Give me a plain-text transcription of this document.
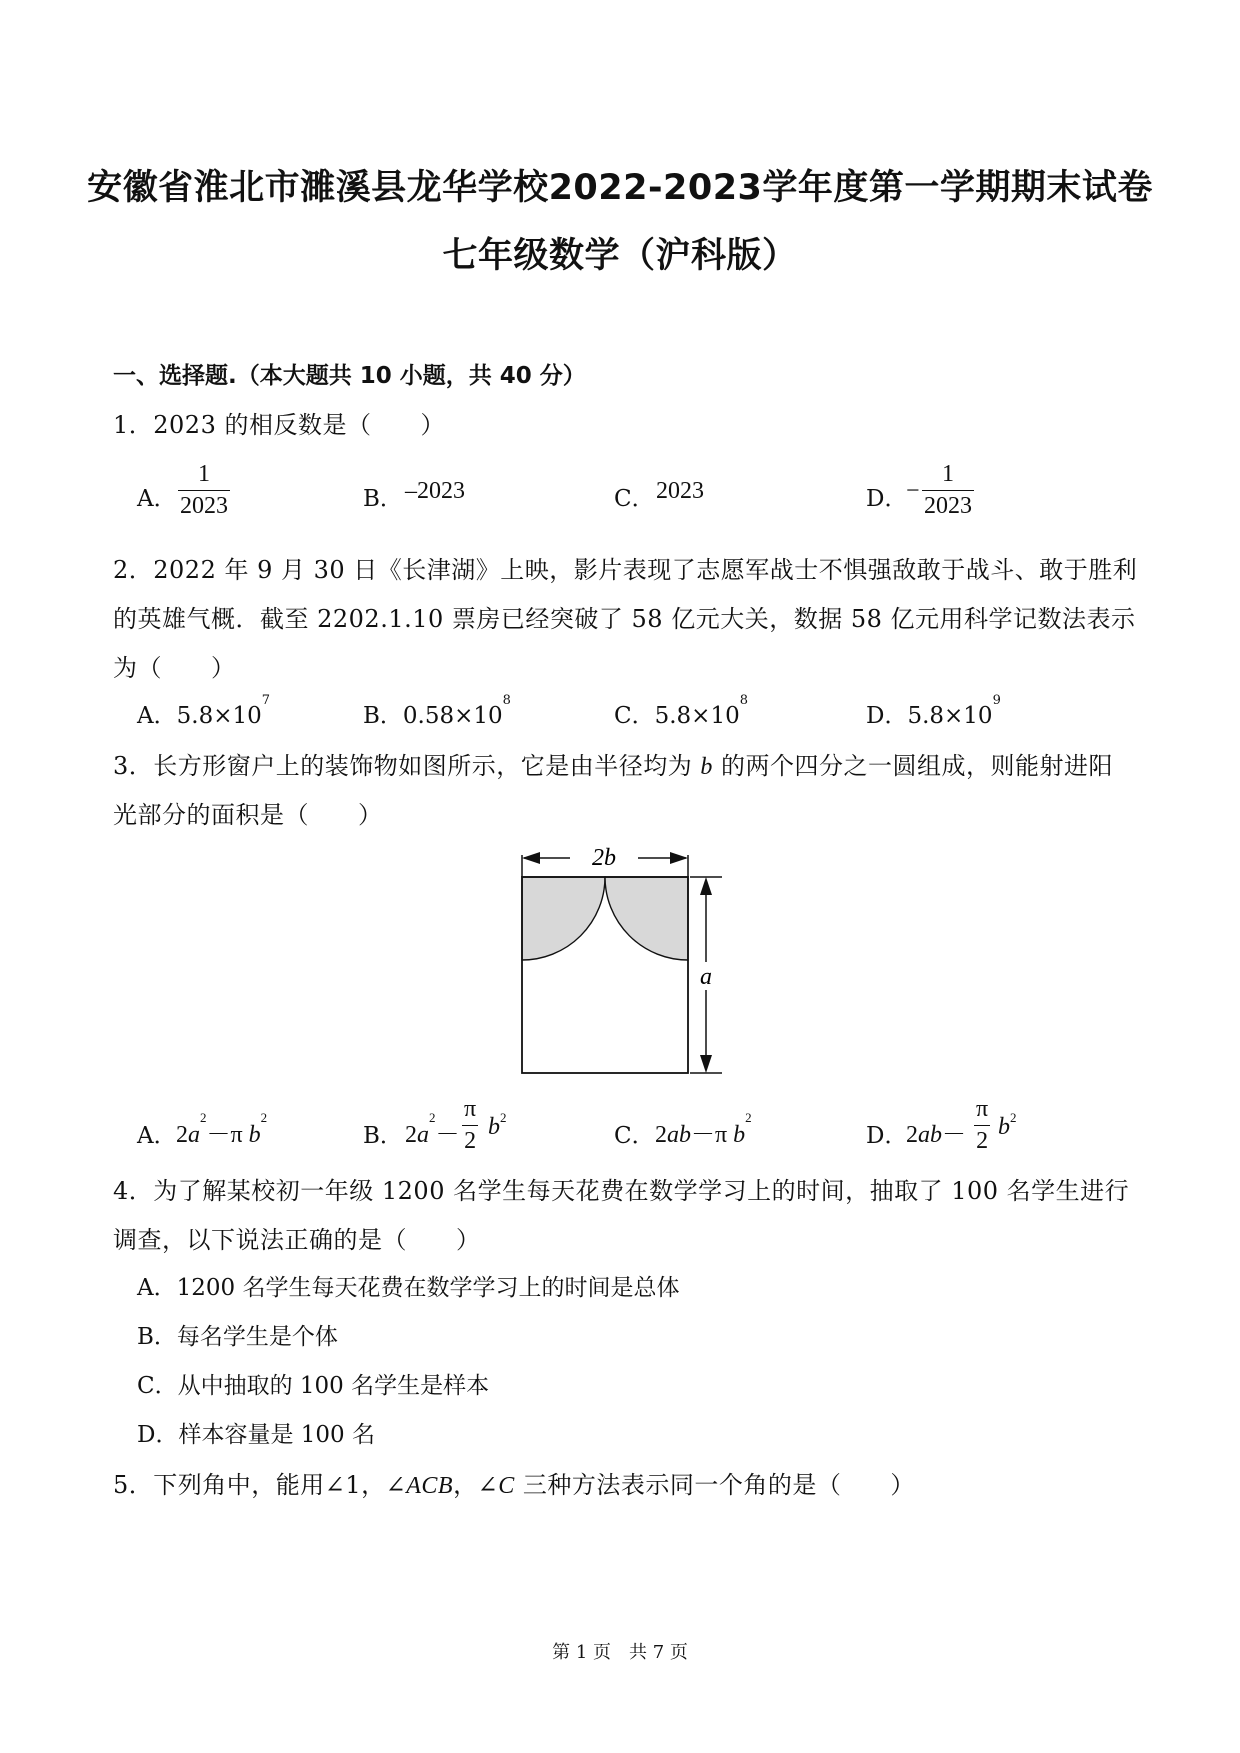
安徽省淮北市濉溪县龙华学校2022-2023学年度第一学期期末试卷
七年级数学（沪科版）
一、选择题.（本大题共 10 小题，共 40 分）
1．2023 的相反数是（　　）
A．
1
2023	B． –2023	C． 2023	D．
−
1
2023
2．2022 年 9 月 30 日《长津湖》上映，影片表现了志愿军战士不惧强敌敢于战斗、敢于胜利
的英雄气概．截至 2202.1.10 票房已经突破了 58 亿元大关，数据 58 亿元用科学记数法表示
为（　　）
A．$5.8\times 10^7$
B．$0.58\times 10^8$
C．$5.8\times 10^8$
D．$5.8\times 10^9$
3．长方形窗户上的装饰物如图所示，它是由半径均为 b 的两个四分之一圆组成，则能射进阳
光部分的面积是（　　）
2b
a
A． $2a^2-\pi$ $b^2$
B． $2a^2-$
π
2
$b^2$
C． 2ab－π $b^2$
D．
2ab－
π
2
$b^2$
4．为了解某校初一年级 1200 名学生每天花费在数学学习上的时间，抽取了 100 名学生进行
调查，以下说法正确的是（　　）
A．1200 名学生每天花费在数学学习上的时间是总体
B．每名学生是个体
C．从中抽取的 100 名学生是样本
D．样本容量是 100 名
5．下列角中，能用∠1，∠ACB，∠C 三种方法表示同一个角的是（　　）
第 1 页　共 7 页
